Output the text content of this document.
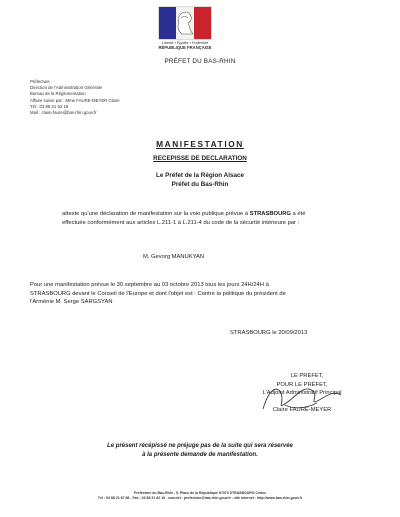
Liberté • Égalité • Fraternité
RÉPUBLIQUE FRANÇAISE
PRÉFET DU BAS-RHIN
Préfecture
Direction de l'Administration Générale
Bureau de la Réglementation
Affaire suivie par : Mme FAURE-MEYER Claire
Tél : 03 88 21 62 18
Mail : claire.faure@bas-rhin.gouv.fr
MANIFESTATION
RECEPISSE DE DECLARATION
Le Préfet de la Région Alsace
Préfet du Bas-Rhin
atteste qu'une déclaration de manifestation sur la voie publique prévue à STRASBOURG a été
effectuée conformément aux articles L.211-1 à L.211-4 du code de la sécurité intérieure par :
M. Gevorg MANUKYAN
Pour une manifestation prévue le 30 septembre au 03 octobre 2013 tous les jours 24H/24H à
STRASBOURG devant le Conseil de l'Europe et dont l'objet est : Contre la politique du président de
l'Arménie M. Serge SARGSYAN
STRASBOURG le 20/09/2013
LE PRÉFET,
POUR LE PRÉFET,
L'Adjoint Administratif Principal
Claire FAURE-MEYER
Le présent récépissé ne préjuge pas de la suite qui sera réservée
à la présente demande de manifestation.
Préfecture du Bas-Rhin - 5, Place de la République 67073 STRASBOURG Cedex
Tél : 03 88 21 67 68 - Fax : 03 88 21 62 16 - courriel : prefecture@bas-rhin.gouv.fr - site internet : http://www.bas-rhin.gouv.fr
